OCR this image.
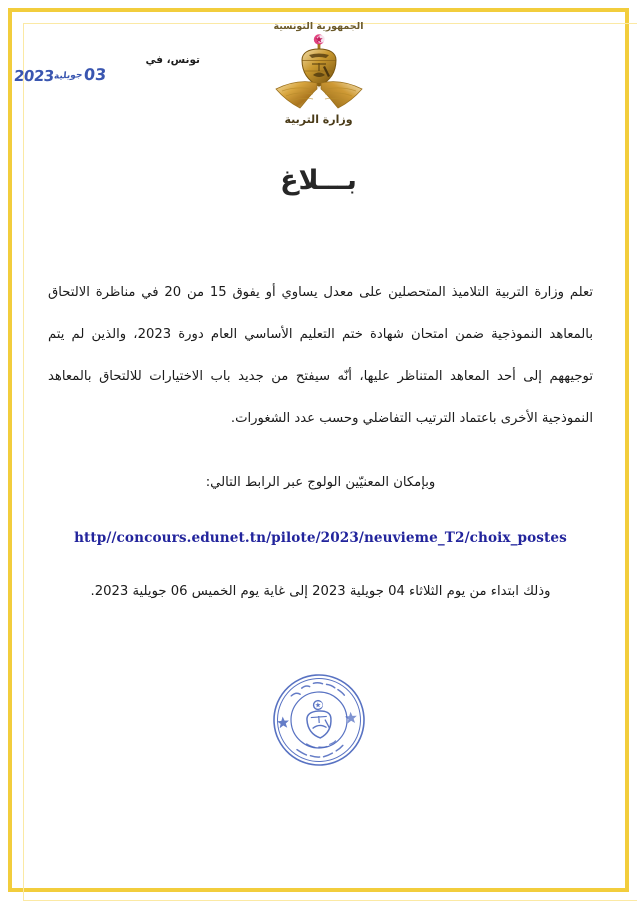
تونس، في
2023
جويلية 03
الجمهورية التونسية
وزارة التربية
بـــلاغ

تعلم وزارة التربية التلاميذ المتحصلين على معدل يساوي أو يفوق 15 من 20 في مناظرة الالتحاق بالمعاهد النموذجية ضمن امتحان شهادة ختم التعليم الأساسي العام دورة 2023، والذين لم يتم توجيههم إلى أحد المعاهد المتناظر عليها، أنّه سيفتح من جديد باب الاختيارات للالتحاق بالمعاهد النموذجية الأخرى باعتماد الترتيب التفاضلي وحسب عدد الشغورات.

وبإمكان المعنيّين الولوج عبر الرابط التالي:

http//concours.edunet.tn/pilote/2023/neuvieme_T2/choix_postes

وذلك ابتداء من يوم الثلاثاء 04 جويلية 2023 إلى غاية يوم الخميس 06 جويلية 2023.
